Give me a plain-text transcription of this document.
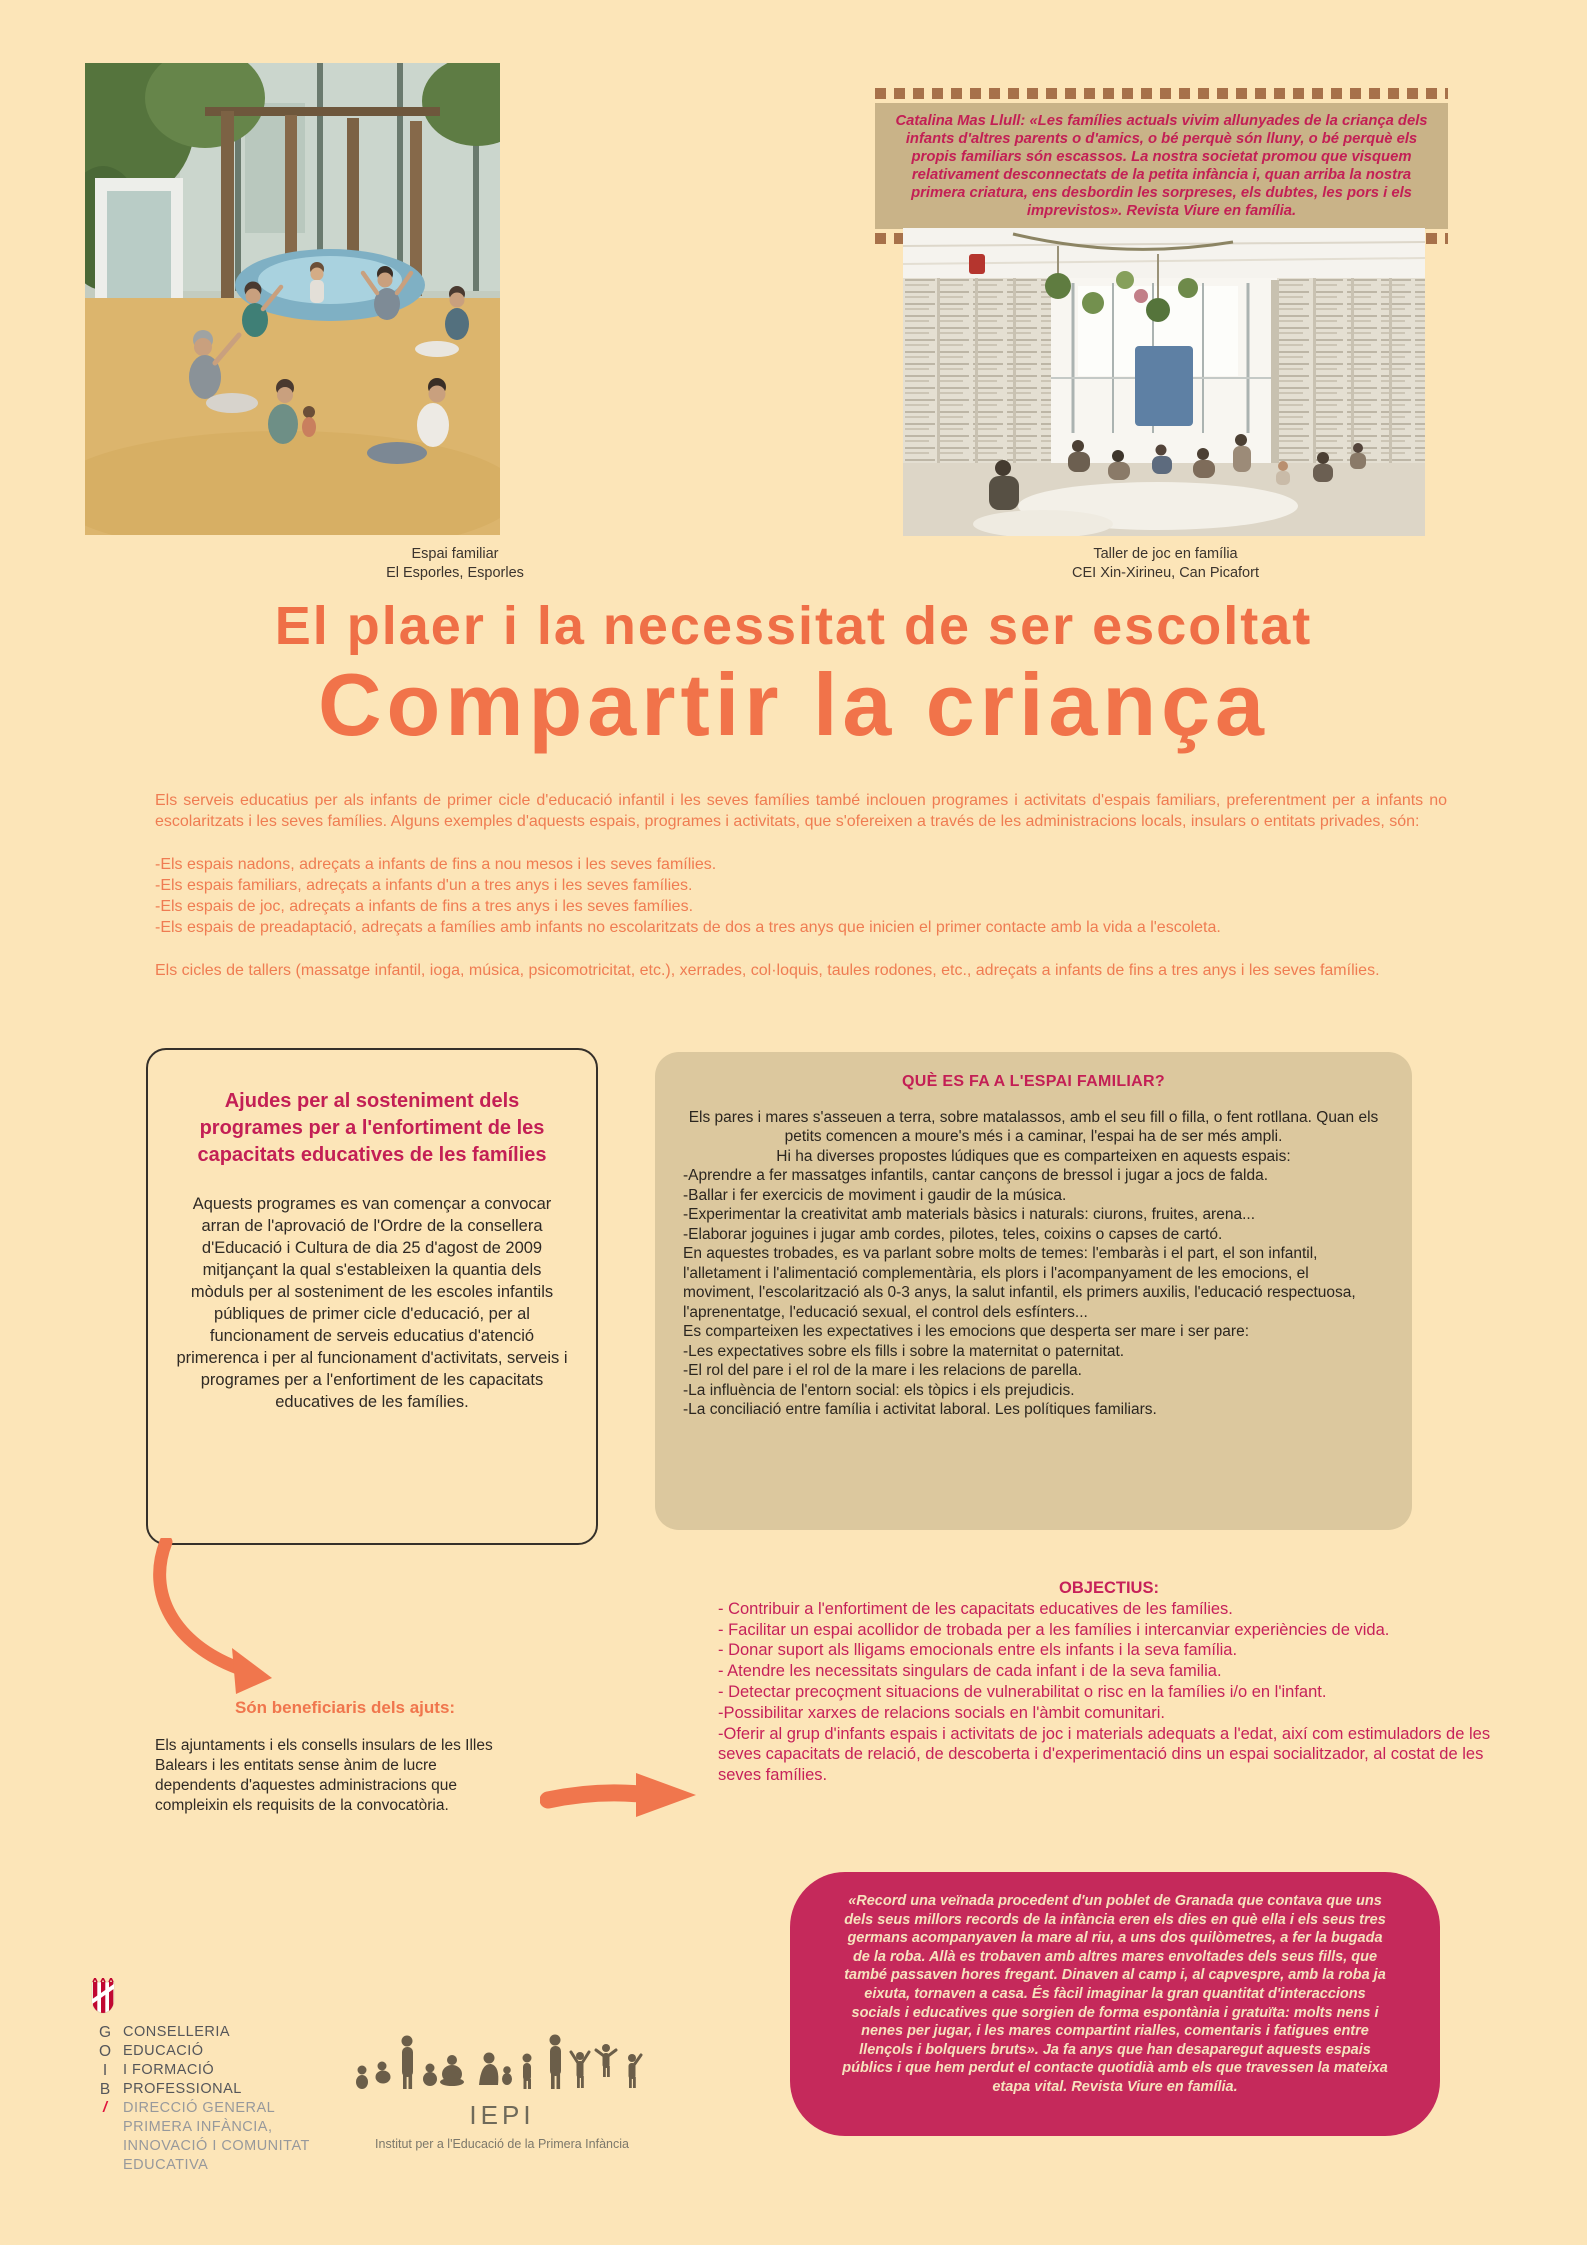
Espai familiar
El Esporles, Esporles
Catalina Mas Llull: «Les famílies actuals vivim allunyades de la criança dels infants d'altres parents o d'amics, o bé perquè són lluny, o bé perquè els propis familiars són escassos. La nostra societat promou que visquem relativament desconnectats de la petita infància i, quan arriba la nostra primera criatura, ens desbordin les sorpreses, els dubtes, les pors i els imprevistos». Revista Viure en família.
Taller de joc en família
CEI Xin-Xirineu, Can Picafort
El plaer i la necessitat de ser escoltat
Compartir la criança

Els serveis educatius per als infants de primer cicle d'educació infantil i les seves famílies també inclouen programes i activitats d'espais familiars, preferentment per a infants no escolaritzats i les seves famílies. Alguns exemples d'aquests espais, programes i activitats, que s'ofereixen a través de les administracions locals, insulars o entitats privades, són:

-Els espais nadons, adreçats a infants de fins a nou mesos i les seves famílies.

-Els espais familiars, adreçats a infants d'un a tres anys i les seves famílies.

-Els espais de joc, adreçats a infants de fins a tres anys i les seves famílies.

-Els espais de preadaptació, adreçats a famílies amb infants no escolaritzats de dos a tres anys que inicien el primer contacte amb la vida a l'escoleta.

Els cicles de tallers (massatge infantil, ioga, música, psicomotricitat, etc.), xerrades, col·loquis, taules rodones, etc., adreçats a infants de fins a tres anys i les seves famílies.

Ajudes per al sosteniment dels programes per a l'enfortiment de les capacitats educatives de les famílies
Aquests programes es van començar a convocar arran de l'aprovació de l'Ordre de la consellera d'Educació i Cultura de dia 25 d'agost de 2009 mitjançant la qual s'estableixen la quantia dels mòduls per al sosteniment de les escoles infantils públiques de primer cicle d'educació, per al funcionament de serveis educatius d'atenció primerenca i per al funcionament d'activitats, serveis i programes per a l'enfortiment de les capacitats educatives de les famílies.
QUÈ ES FA A L'ESPAI FAMILIAR?

Els pares i mares s'asseuen a terra, sobre matalassos, amb el seu fill o filla, o fent rotllana. Quan els petits comencen a moure's més i a caminar, l'espai ha de ser més ampli.

Hi ha diverses propostes lúdiques que es comparteixen en aquests espais:

-Aprendre a fer massatges infantils, cantar cançons de bressol i jugar a jocs de falda.

-Ballar i fer exercicis de moviment i gaudir de la música.

-Experimentar la creativitat amb materials bàsics i naturals: ciurons, fruites, arena...

-Elaborar joguines i jugar amb cordes, pilotes, teles, coixins o capses de cartó.

En aquestes trobades, es va parlant sobre molts de temes: l'embaràs i el part, el son infantil, l'alletament i l'alimentació complementària, els plors i l'acompanyament de les emocions, el moviment, l'escolarització als 0-3 anys, la salut infantil, els primers auxilis, l'educació respectuosa, l'aprenentatge, l'educació sexual, el control dels esfínters...

Es comparteixen les expectatives i les emocions que desperta ser mare i ser pare:

-Les expectatives sobre els fills i sobre la maternitat o paternitat.

-El rol del pare i el rol de la mare i les relacions de parella.

-La influència de l'entorn social: els tòpics i els prejudicis.

-La conciliació entre família i activitat laboral. Les polítiques familiars.

OBJECTIUS:

- Contribuir a l'enfortiment de les capacitats educatives de les famílies.

- Facilitar un espai acollidor de trobada per a les famílies i intercanviar experiències de vida.

- Donar suport als lligams emocionals entre els infants i la seva família.

- Atendre les necessitats singulars de cada infant i de la seva familia.

- Detectar precoçment situacions de vulnerabilitat o risc en la famílies i/o en l'infant.

-Possibilitar xarxes de relacions socials en l'àmbit comunitari.

-Oferir al grup d'infants espais i activitats de joc i materials adequats a l'edat, així com estimuladors de les seves capacitats de relació, de descoberta i d'experimentació dins un espai socialitzador, al costat de les seves famílies.

Són beneficiaris dels ajuts:
Els ajuntaments i els consells insulars de les Illes Balears i les entitats sense ànim de lucre dependents d'aquestes administracions que compleixin els requisits de la convocatòria.
«Record una veïnada procedent d'un poblet de Granada que contava que uns dels seus millors records de la infància eren els dies en què ella i els seus tres germans acompanyaven la mare al riu, a uns dos quilòmetres, a fer la bugada de la roba. Allà es trobaven amb altres mares envoltades dels seus fills, que també passaven hores fregant. Dinaven al camp i, al capvespre, amb la roba ja eixuta, tornaven a casa. És fàcil imaginar la gran quantitat d'interaccions socials i educatives que sorgien de forma espontània i gratuïta: molts nens i nenes per jugar, i les mares compartint rialles, comentaris i fatigues entre llençols i bolquers bruts». Ja fa anys que han desaparegut aquests espais públics i que hem perdut el contacte quotidià amb els que travessen la mateixa etapa vital. Revista Viure en família.
G CONSELLERIA
O EDUCACIÓ
I	I FORMACIÓ
B PROFESSIONAL
/	DIRECCIÓ GENERAL
PRIMERA INFÀNCIA,
INNOVACIÓ I COMUNITAT
EDUCATIVA
IEPI
Institut per a l'Educació de la Primera Infància
